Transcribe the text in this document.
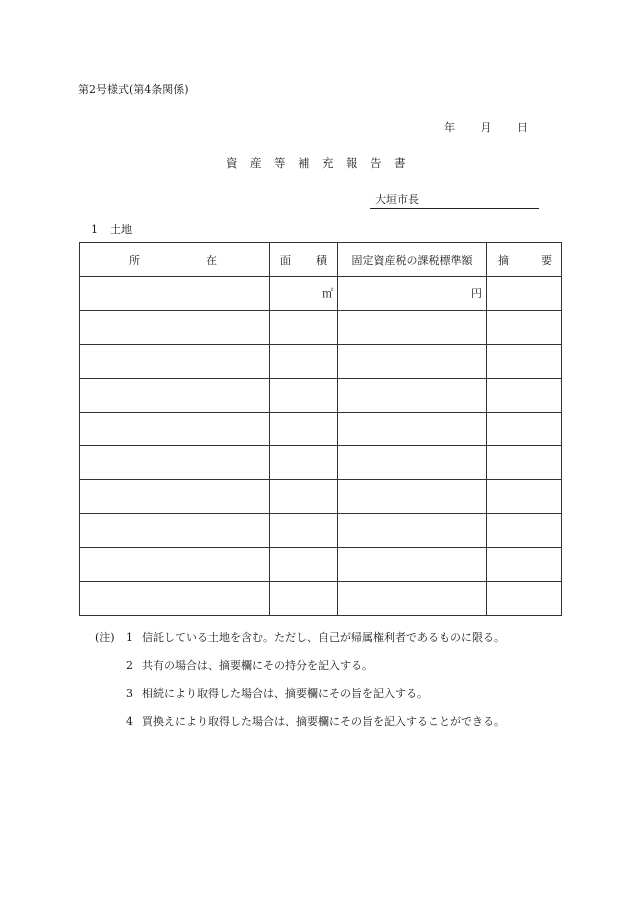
第2号様式(第4条関係)
年 月 日
資産等補充報告書
大垣市長
1 土地
所 在	面 積	固定資産税の課税標準額	摘 要

	㎡	円	

(注) 1 信託している土地を含む。ただし、自己が帰属権利者であるものに限る。
2 共有の場合は、摘要欄にその持分を記入する。
3 相続により取得した場合は、摘要欄にその旨を記入する。
4 買換えにより取得した場合は、摘要欄にその旨を記入することができる。
